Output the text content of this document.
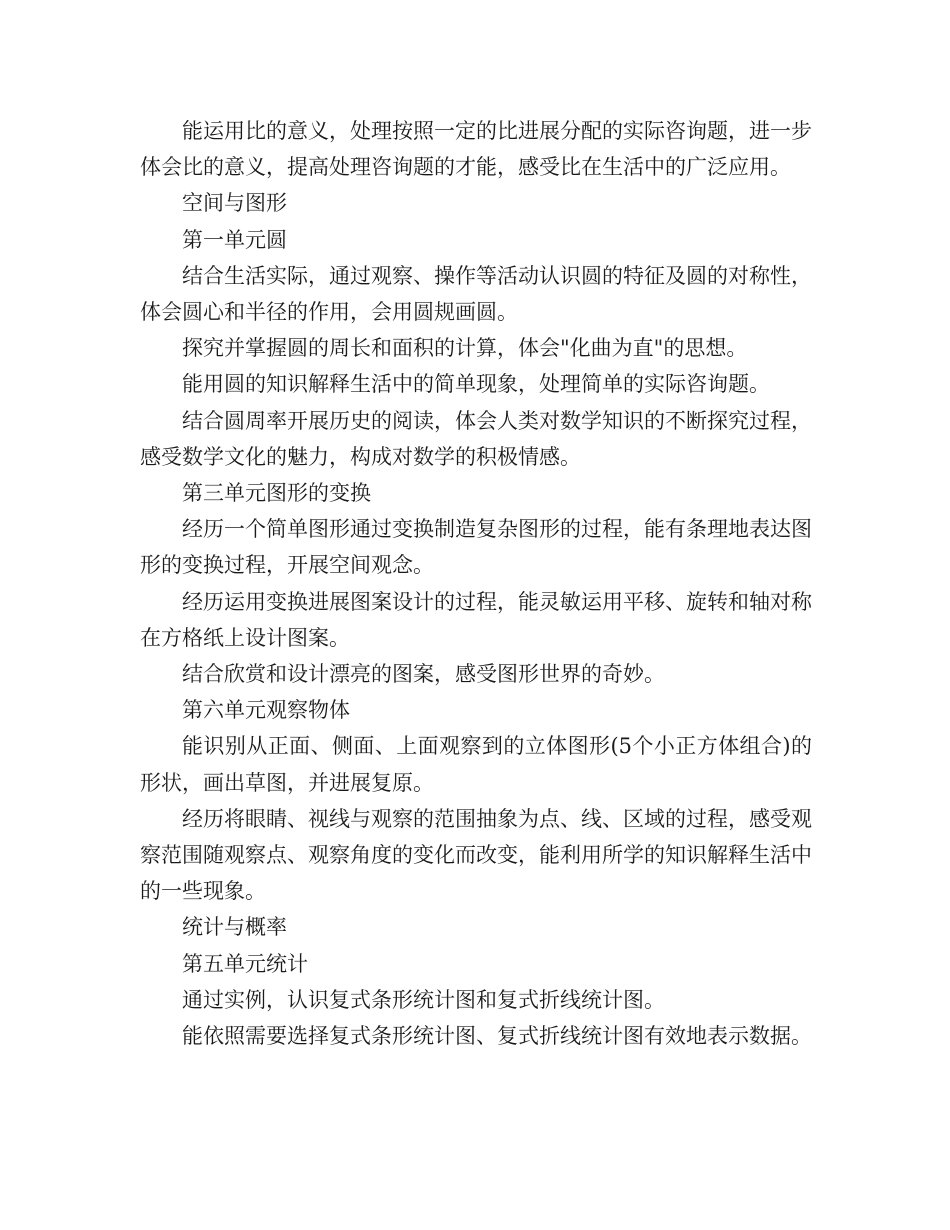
能运用比的意义，处理按照一定的比进展分配的实际咨询题，进一步体会比的意义，提高处理咨询题的才能，感受比在生活中的广泛应用。

空间与图形

第一单元圆

结合生活实际，通过观察、操作等活动认识圆的特征及圆的对称性，体会圆心和半径的作用，会用圆规画圆。

探究并掌握圆的周长和面积的计算，体会"化曲为直"的思想。

能用圆的知识解释生活中的简单现象，处理简单的实际咨询题。

结合圆周率开展历史的阅读，体会人类对数学知识的不断探究过程，感受数学文化的魅力，构成对数学的积极情感。

第三单元图形的变换

经历一个简单图形通过变换制造复杂图形的过程，能有条理地表达图形的变换过程，开展空间观念。

经历运用变换进展图案设计的过程，能灵敏运用平移、旋转和轴对称在方格纸上设计图案。

结合欣赏和设计漂亮的图案，感受图形世界的奇妙。

第六单元观察物体

能识别从正面、侧面、上面观察到的立体图形(5个小正方体组合)的形状，画出草图，并进展复原。

经历将眼睛、视线与观察的范围抽象为点、线、区域的过程，感受观察范围随观察点、观察角度的变化而改变，能利用所学的知识解释生活中的一些现象。

统计与概率

第五单元统计

通过实例，认识复式条形统计图和复式折线统计图。

能依照需要选择复式条形统计图、复式折线统计图有效地表示数据。
